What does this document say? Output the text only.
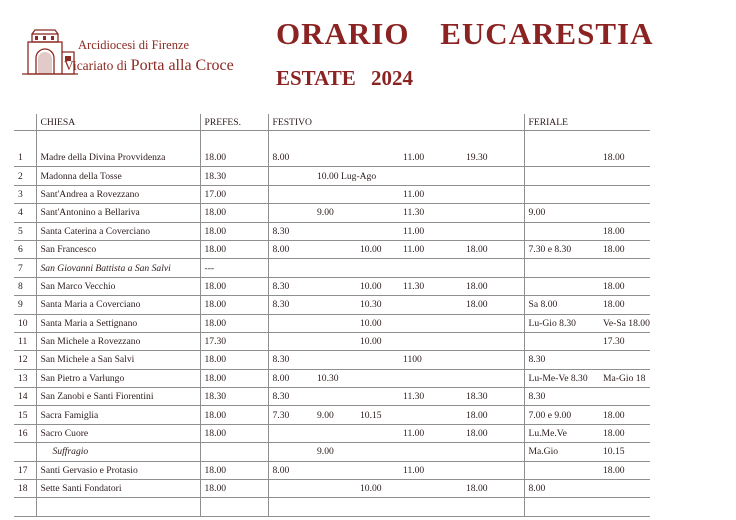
Arcidiocesi di Firenze
Vicariato di Porta alla Croce
ORARIO EUCARESTIA
ESTATE 2024
	CHIESA	PREFES.	FESTIVO					FERIALE	

1	Madre della Divina Provvidenza	18.00	8.00			11.00	19.30		18.00
2	Madonna della Tosse	18.30		10.00 Lug-Ago					
3	Sant'Andrea a Rovezzano	17.00				11.00			
4	Sant'Antonino a Bellariva	18.00		9.00		11.30		9.00	
5	Santa Caterina a Coverciano	18.00	8.30			11.00			18.00
6	San Francesco	18.00	8.00		10.00	11.00	18.00	7.30 e 8.30	18.00
7	San Giovanni Battista a San Salvi	---							
8	San Marco Vecchio	18.00	8.30		10.00	11.30	18.00		18.00
9	Santa Maria a Coverciano	18.00	8.30		10.30		18.00	Sa 8.00	18.00
10	Santa Maria a Settignano	18.00			10.00			Lu-Gio 8.30	Ve-Sa 18.00
11	San Michele a Rovezzano	17.30			10.00				17.30
12	San Michele a San Salvi	18.00	8.30			1100		8.30	
13	San Pietro a Varlungo	18.00	8.00	10.30				Lu-Me-Ve 8.30	Ma-Gio 18
14	San Zanobi e Santi Fiorentini	18.30	8.30			11.30	18.30	8.30	
15	Sacra Famiglia	18.00	7.30	9.00	10.15		18.00	7.00 e 9.00	18.00
16	Sacro Cuore	18.00				11.00	18.00	Lu.Me.Ve	18.00
	Suffragio			9.00				Ma.Gio	10.15
17	Santi Gervasio e Protasio	18.00	8.00			11.00			18.00
18	Sette Santi Fondatori	18.00			10.00		18.00	8.00	
